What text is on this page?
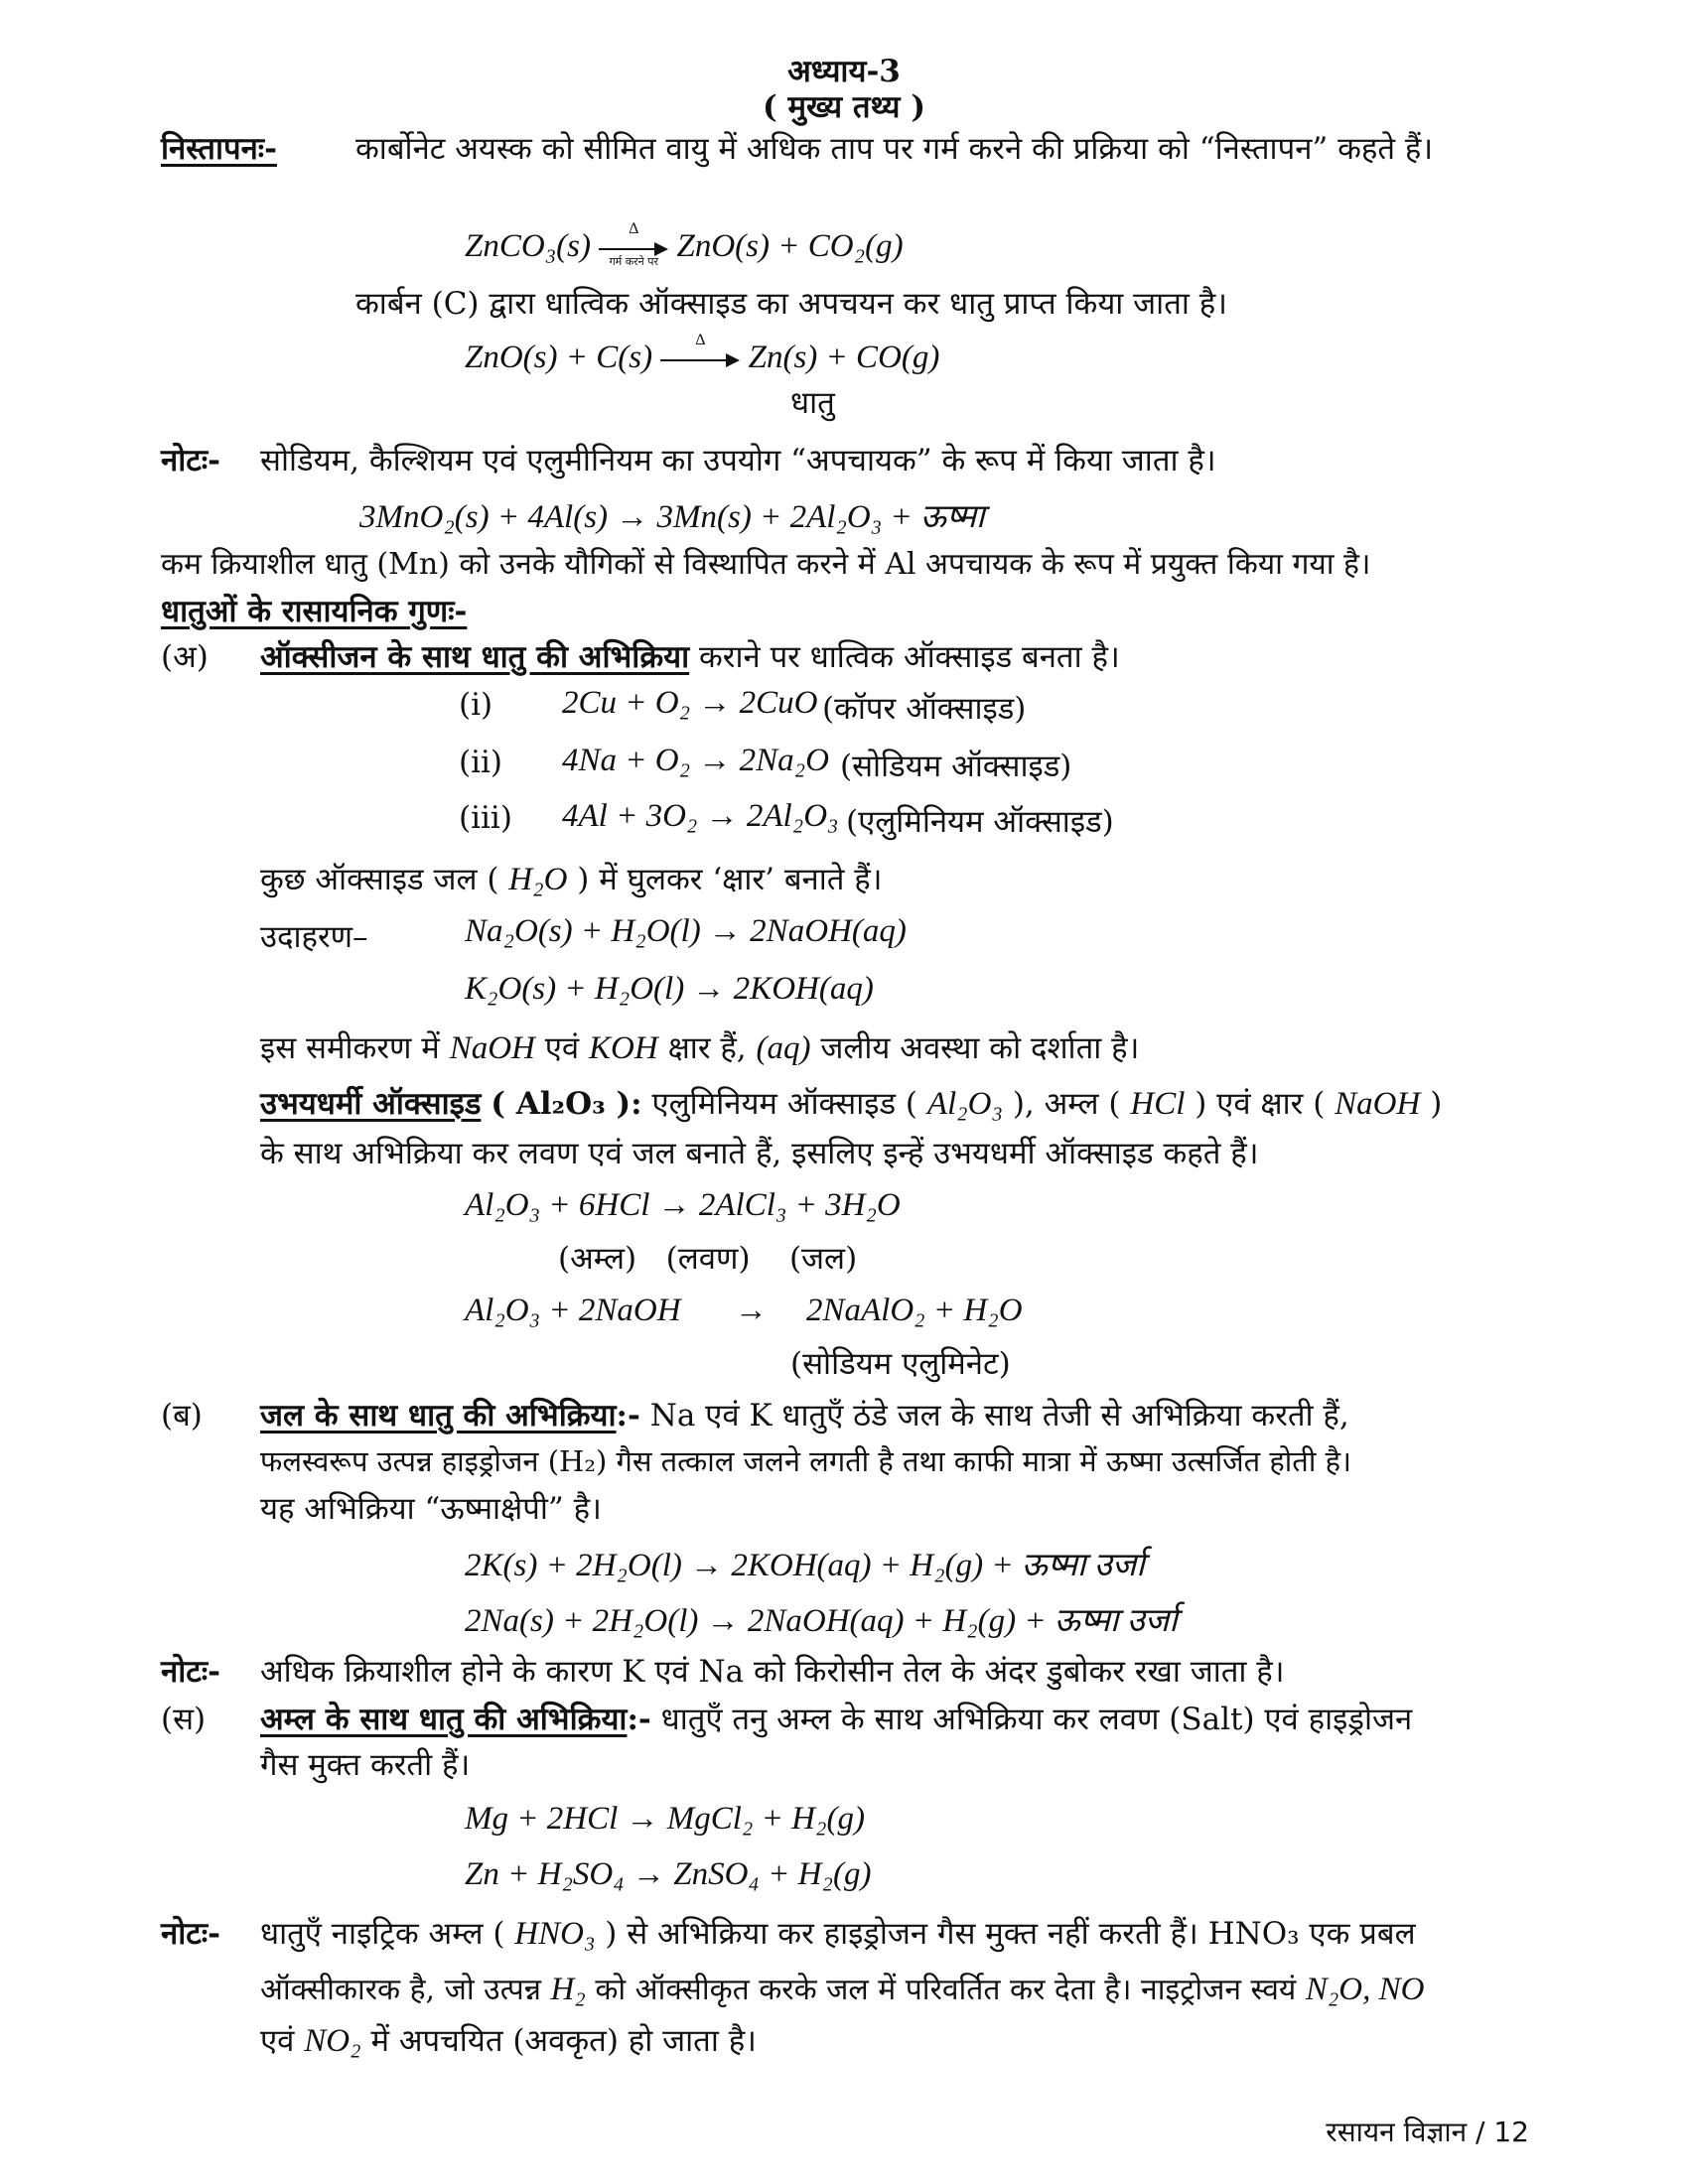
अध्याय-3
( मुख्य तथ्य )
निस्तापनः-	कार्बोनेट अयस्क को सीमित वायु में अधिक ताप पर गर्म करने की प्रक्रिया को “निस्तापन” कहते हैं।
ZnCO₃(s)	Δ
गर्म करने पर ZnO(s) + CO₂(g)
कार्बन (C) द्वारा धात्विक ऑक्साइड का अपचयन कर धातु प्राप्त किया जाता है।
ZnO(s) + C(s)	Δ	Zn(s) + CO(g)
धातु
नोटः- सोडियम, कैल्शियम एवं एलुमीनियम का उपयोग “अपचायक” के रूप में किया जाता है।
3MnO₂(s) + 4Al(s) → 3Mn(s) + 2Al₂O₃ + ऊष्मा
कम क्रियाशील धातु (Mn) को उनके यौगिकों से विस्थापित करने में Al अपचायक के रूप में प्रयुक्त किया गया है।
धातुओं के रासायनिक गुणः-
(अ) ऑक्सीजन के साथ धातु की अभिक्रिया कराने पर धात्विक ऑक्साइड बनता है।
(i) 2Cu + O₂ → 2CuO (कॉपर ऑक्साइड)
(ii) 4Na + O₂ → 2Na₂O (सोडियम ऑक्साइड)
(iii) 4Al + 3O₂ → 2Al₂O₃ (एलुमिनियम ऑक्साइड)
कुछ ऑक्साइड जल ( H₂O ) में घुलकर ‘क्षार’ बनाते हैं।
उदाहरण–	Na₂O(s) + H₂O(l) → 2NaOH(aq)
K₂O(s) + H₂O(l) → 2KOH(aq)
इस समीकरण में NaOH एवं KOH क्षार हैं, (aq) जलीय अवस्था को दर्शाता है।
उभयधर्मी ऑक्साइड ( Al₂O₃ ): एलुमिनियम ऑक्साइड ( Al₂O₃ ), अम्ल ( HCl ) एवं क्षार ( NaOH )
के साथ अभिक्रिया कर लवण एवं जल बनाते हैं, इसलिए इन्हें उभयधर्मी ऑक्साइड कहते हैं।
Al₂O₃ + 6HCl → 2AlCl₃ + 3H₂O
(अम्ल)   (लवण)    (जल)
Al₂O₃ + 2NaOH → 2NaAlO₂ + H₂O
(सोडियम एलुमिनेट)
(ब) जल के साथ धातु की अभिक्रिया:- Na एवं K धातुएँ ठंडे जल के साथ तेजी से अभिक्रिया करती हैं,
फलस्वरूप उत्पन्न हाइड्रोजन (H₂) गैस तत्काल जलने लगती है तथा काफी मात्रा में ऊष्मा उत्सर्जित होती है।
यह अभिक्रिया “ऊष्माक्षेपी” है।
2K(s) + 2H₂O(l) → 2KOH(aq) + H₂(g) + ऊष्मा उर्जा
2Na(s) + 2H₂O(l) → 2NaOH(aq) + H₂(g) + ऊष्मा उर्जा
नोटः- अधिक क्रियाशील होने के कारण K एवं Na को किरोसीन तेल के अंदर डुबोकर रखा जाता है।
(स) अम्ल के साथ धातु की अभिक्रिया:- धातुएँ तनु अम्ल के साथ अभिक्रिया कर लवण (Salt) एवं हाइड्रोजन
गैस मुक्त करती हैं।
Mg + 2HCl → MgCl₂ + H₂(g)
Zn + H₂SO₄ → ZnSO₄ + H₂(g)
नोटः- धातुएँ नाइट्रिक अम्ल ( HNO₃ ) से अभिक्रिया कर हाइड्रोजन गैस मुक्त नहीं करती हैं। HNO₃ एक प्रबल
ऑक्सीकारक है, जो उत्पन्न H₂ को ऑक्सीकृत करके जल में परिवर्तित कर देता है। नाइट्रोजन स्वयं N₂O, NO
एवं NO₂ में अपचयित (अवकृत) हो जाता है।
रसायन विज्ञान / 12
